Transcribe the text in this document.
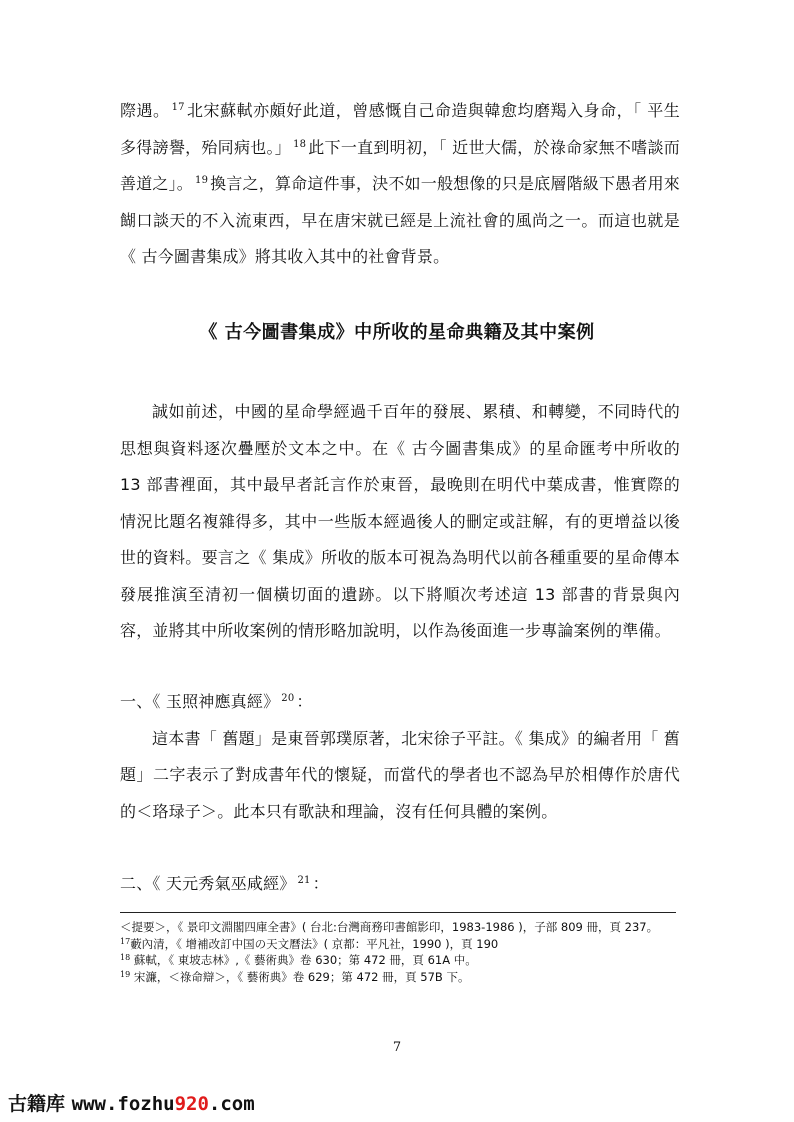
際遇。 $^{17}$ 北宋蘇軾亦頗好此道，曾感慨自己命造與韓愈均磨羯入身命，「 平生多得謗譽，殆同病也。」 $^{18}$ 此下一直到明初，「 近世大儒，於祿命家無不嗜談而善道之」。 $^{19}$ 換言之，算命這件事，決不如一般想像的只是底層階級下愚者用來餬口談天的不入流東西，早在唐宋就已經是上流社會的風尚之一。而這也就是《 古今圖書集成》將其收入其中的社會背景。

《 古今圖書集成》中所收的星命典籍及其中案例

誠如前述，中國的星命學經過千百年的發展、累積、和轉變，不同時代的思想與資料逐次疊壓於文本之中。在《 古今圖書集成》的星命匯考中所收的 13 部書裡面，其中最早者託言作於東晉，最晚則在明代中葉成書，惟實際的情況比題名複雜得多，其中一些版本經過後人的刪定或註解，有的更增益以後世的資料。要言之《 集成》所收的版本可視為為明代以前各種重要的星命傳本發展推演至清初一個橫切面的遺跡。以下將順次考述這 13 部書的背景與內容，並將其中所收案例的情形略加說明，以作為後面進一步專論案例的準備。

一、《 玉照神應真經》 $^{20}$ ：

這本書「 舊題」是東晉郭璞原著，北宋徐子平註。《 集成》的編者用「 舊題」二字表示了對成書年代的懷疑，而當代的學者也不認為早於相傳作於唐代的＜珞琭子＞。此本只有歌訣和理論，沒有任何具體的案例。

二、《 天元秀氣巫咸經》 $^{21}$ ：

＜提要＞，《 景印文淵閣四庫全書》( 台北:台灣商務印書館影印，1983-1986 )，子部 809 冊，頁 237。
$^{17}$藪內清，《 增補改訂中国の天文曆法》( 京都：平凡社，1990 )，頁 190
$^{18}$ 蘇軾，《 東坡志林》,《 藝術典》卷 630；第 472 冊，頁 61A 中。
$^{19}$ 宋濂，＜祿命辯＞，《 藝術典》卷 629；第 472 冊，頁 57B 下。
7
古籍库 www.fozhu920.com
